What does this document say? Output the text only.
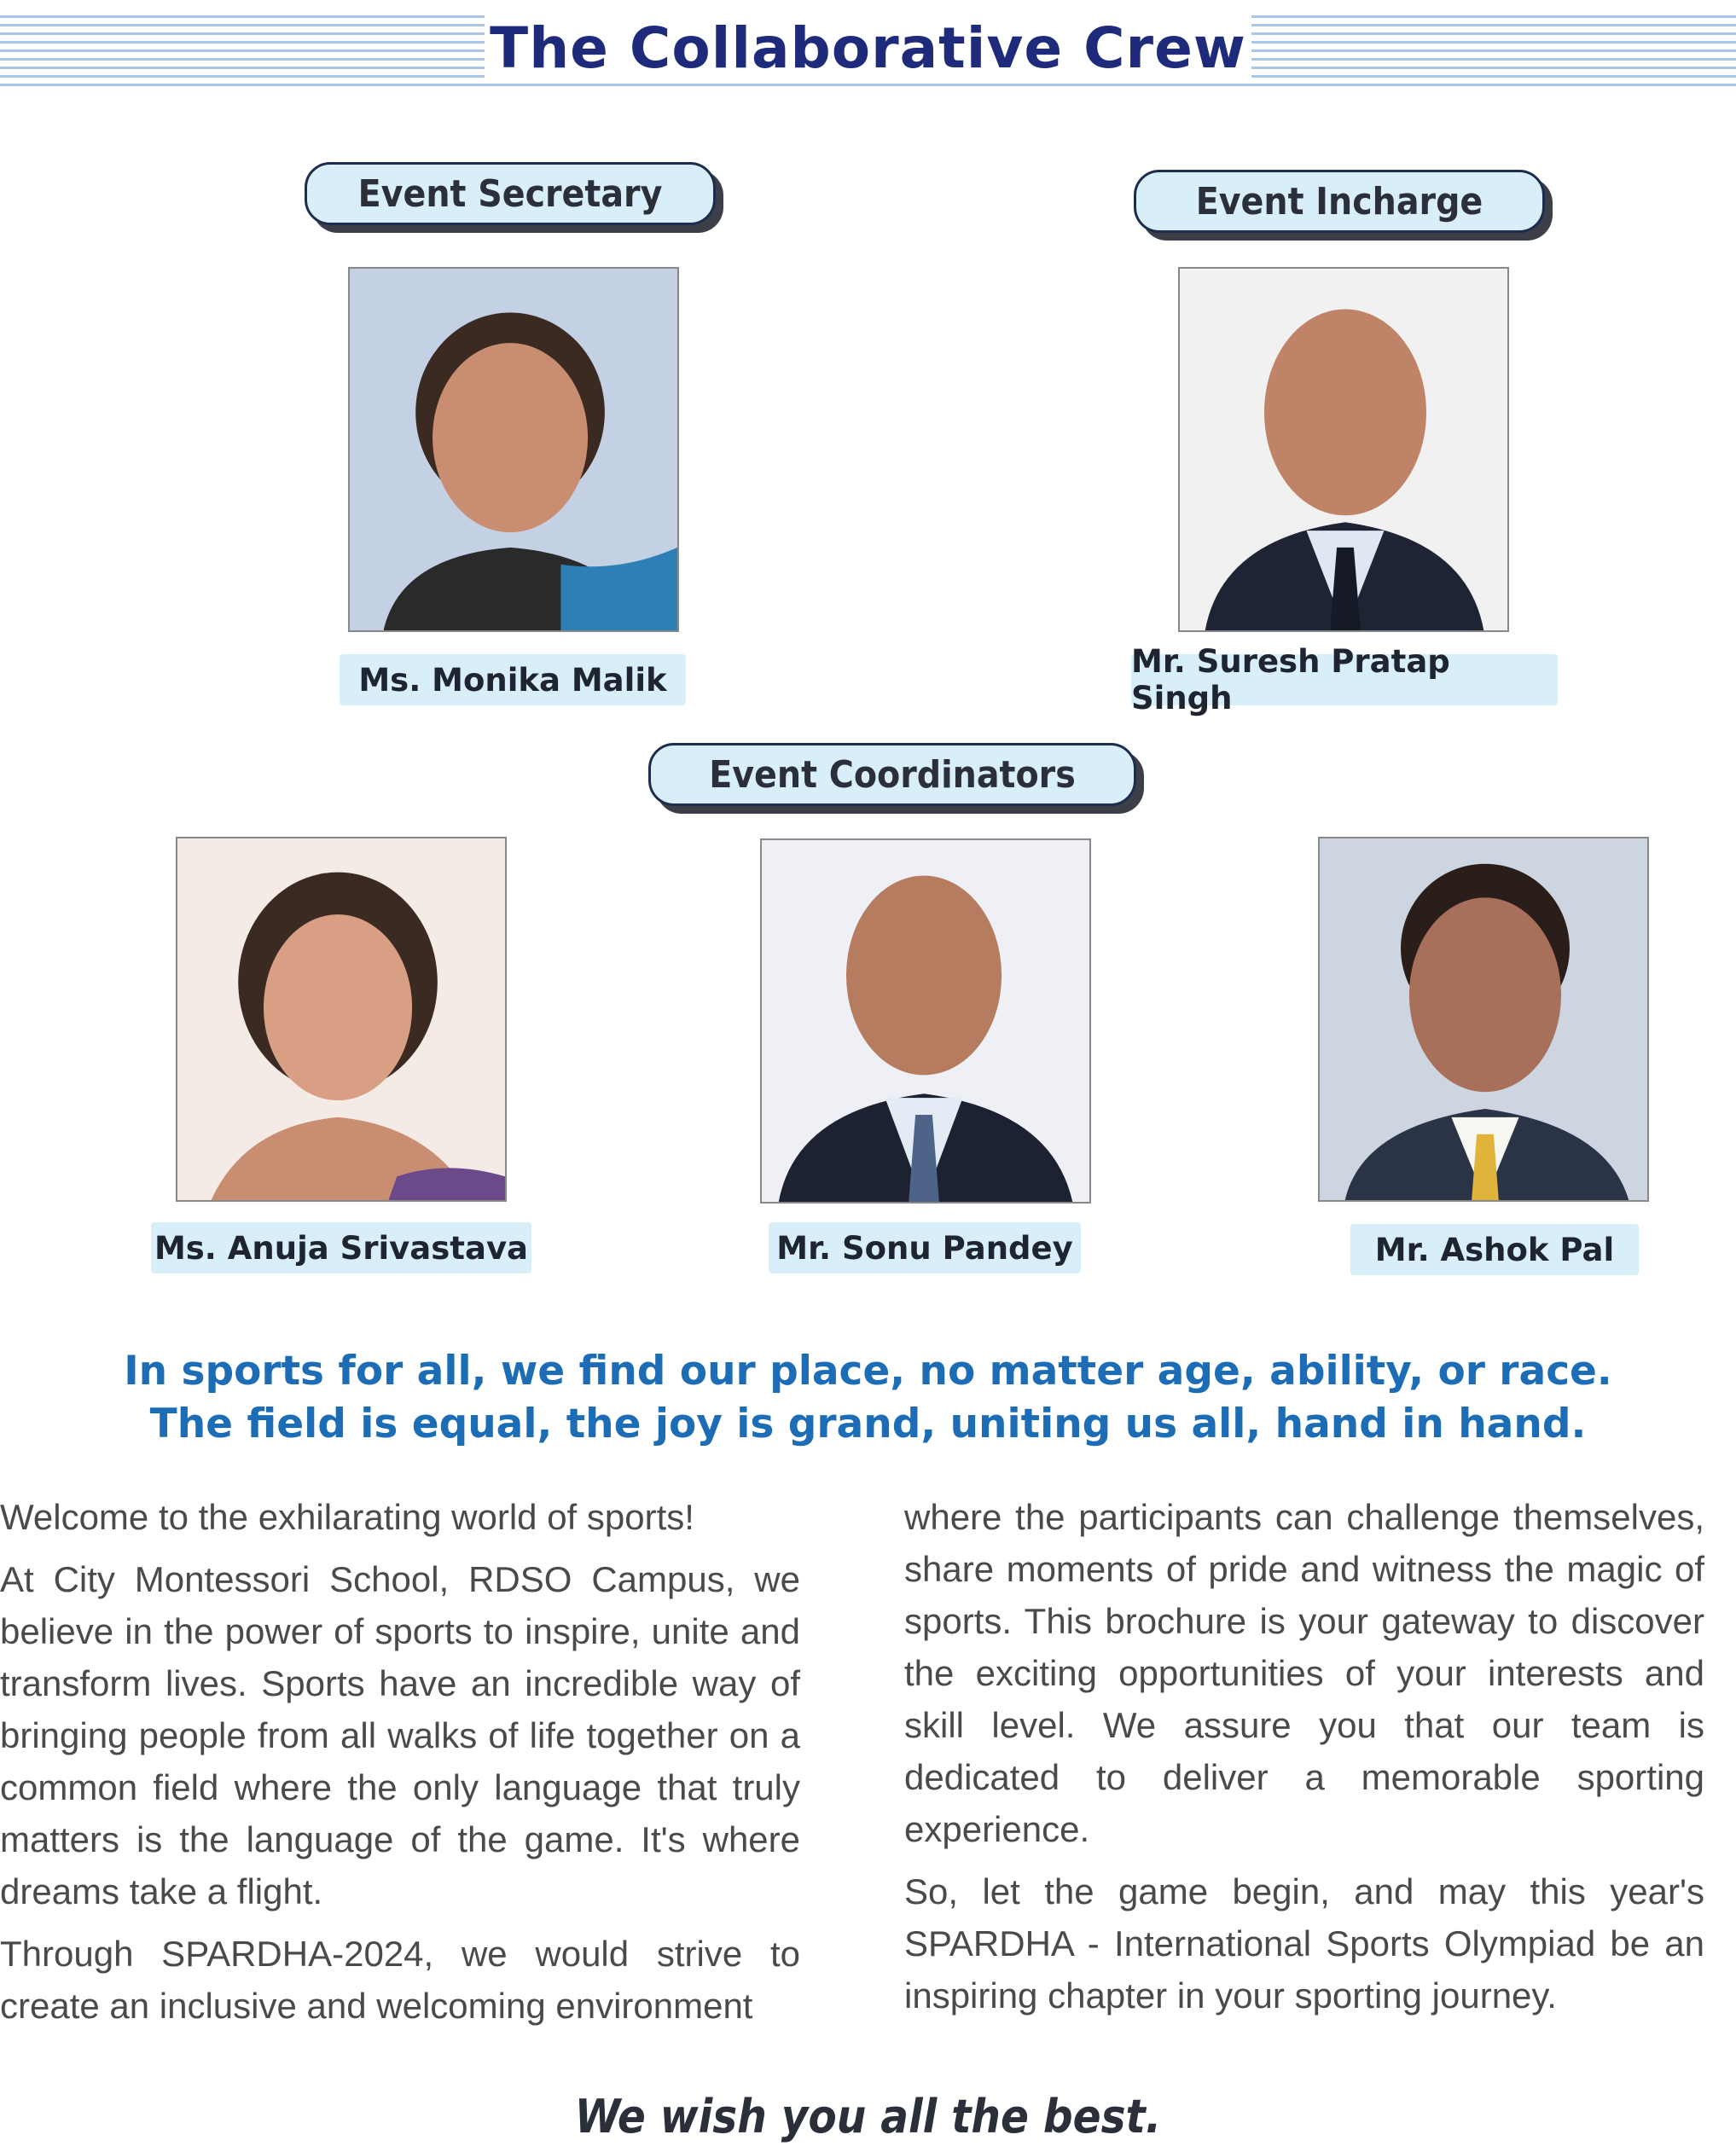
The Collaborative Crew
Event Secretary
Ms. Monika Malik
Event Incharge
Mr. Suresh Pratap Singh
Event Coordinators
Ms. Anuja Srivastava	Mr. Sonu Pandey	Mr. Ashok Pal
In sports for all, we find our place, no matter age, ability, or race.
The field is equal, the joy is grand, uniting us all, hand in hand.

Welcome to the exhilarating world of sports!

At City Montessori School, RDSO Campus, we believe in the power of sports to inspire, unite and transform lives. Sports have an incredible way of bringing people from all walks of life together on a common field where the only language that truly matters is the language of the game. It's where dreams take a flight.

Through SPARDHA-2024, we would strive to create an inclusive and welcoming environment

where the participants can challenge themselves, share moments of pride and witness the magic of sports. This brochure is your gateway to discover the exciting opportunities of your interests and skill level. We assure you that our team is dedicated to deliver a memorable sporting experience.

So, let the game begin, and may this year's SPARDHA - International Sports Olympiad be an inspiring chapter in your sporting journey.

We wish you all the best.
